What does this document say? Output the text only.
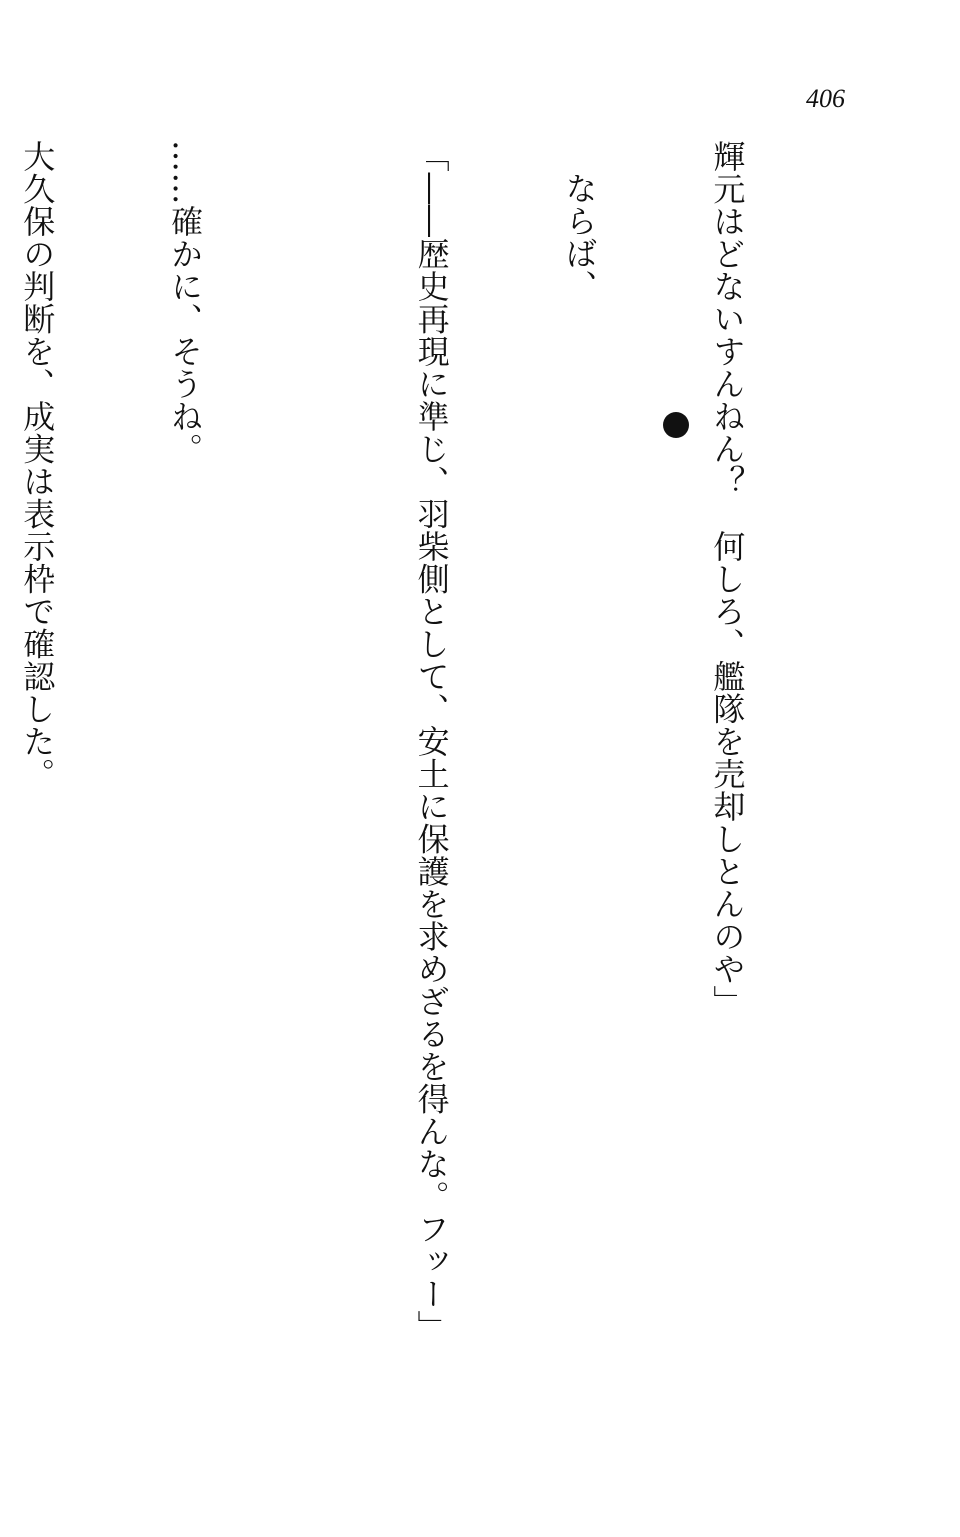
406

輝元はどないすんねん？　何しろ、艦隊を売却しとんのや」

ならば、

「――歴史再現に準じ、羽柴側として、安土に保護を求めざるを得んな。フッー」

……確かに、そうね。

大久保の判断を、成実は表示枠で確認した。
